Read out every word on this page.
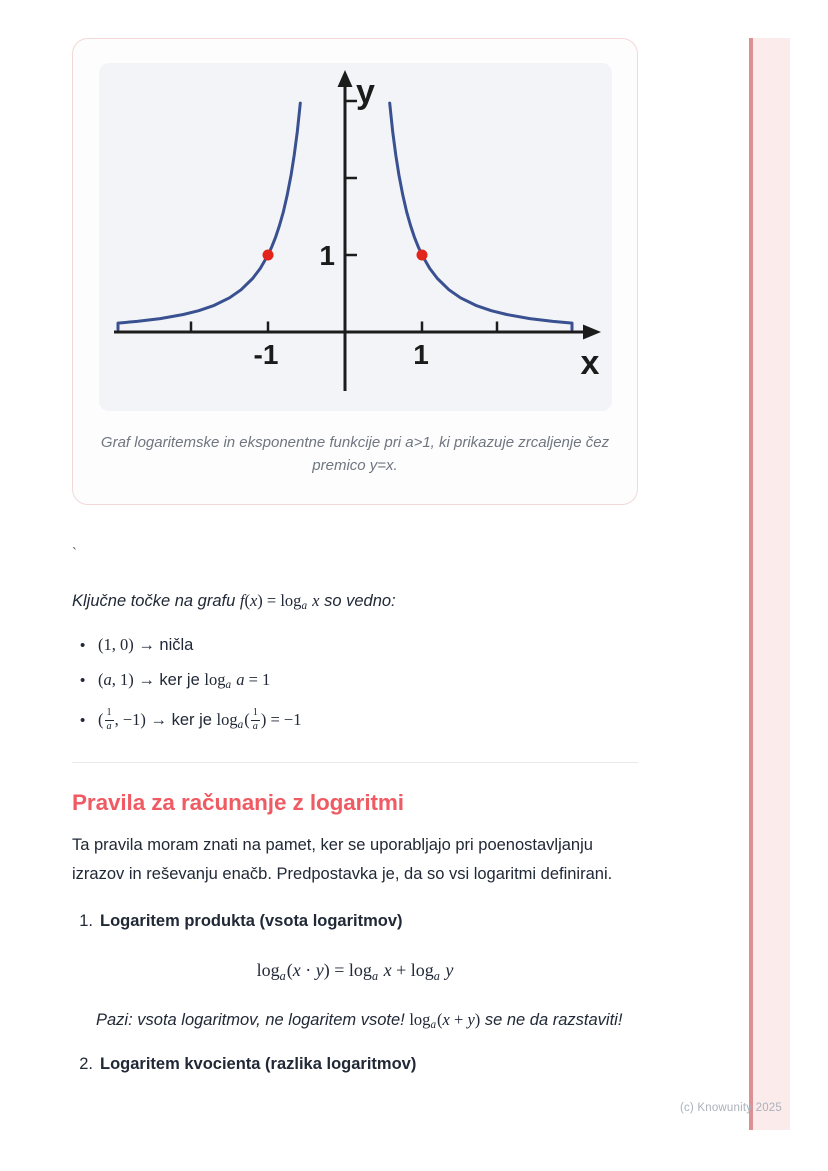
y
x
-1	1
1
Graf logaritemske in eksponentne funkcije pri a>1, ki prikazuje zrcaljenje čez premico y=x.
`

Ključne točke na grafu f(x) = loga x so vedno:

• (1, 0) → ničla
• (a, 1) → ker je loga a = 1
• ( $\frac{1}{a}$ , −1) → ker je $\log a( \frac{1}{a}$ ) = −1
Pravila za računanje z logaritmi

Ta pravila moram znati na pamet, ker se uporabljajo pri poenostavljanju izrazov in reševanju enačb. Predpostavka je, da so vsi logaritmi definirani.

1. Logaritem produkta (vsota logaritmov)
loga(x · y) = loga x + loga y

Pazi: vsota logaritmov, ne logaritem vsote! loga(x + y) se ne da razstaviti!

2. Logaritem kvocienta (razlika logaritmov)
(c) Knowunity 2025
